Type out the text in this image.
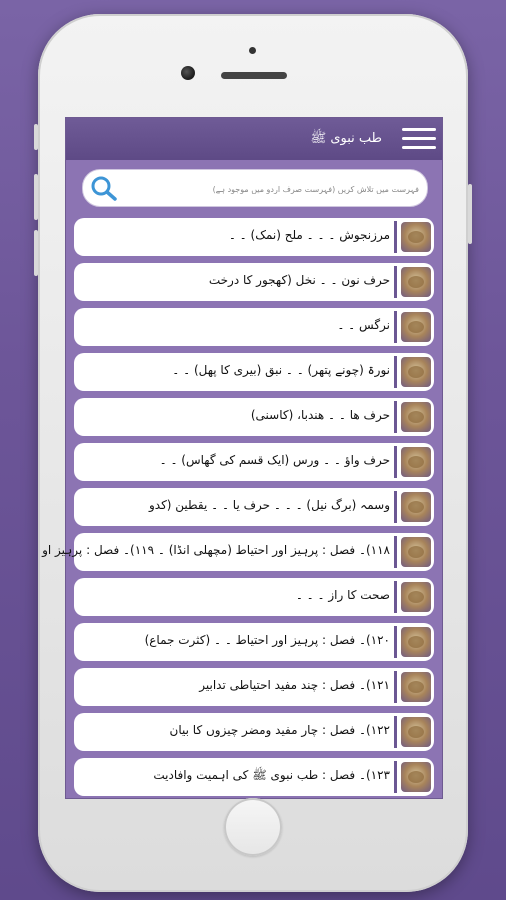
طب نبوی ﷺ
فہرست میں تلاش کریں (فہرست صرف اردو میں موجود ہے)
مرزنجوش ۔ ۔ ۔ ملح (نمک) ۔ ۔
حرف نون ۔ ۔ نخل (کھجور کا درخت
نرگس ۔ ۔
نورۃ (چونے پتھر) ۔ ۔ نبق (بیری کا پھل) ۔ ۔
حرف ھا ۔ ۔ ھندبا، (کاسنی)
حرف واؤ ۔ ۔ ورس (ایک قسم کی گھاس) ۔ ۔
وسمہ (برگ نیل) ۔ ۔ ۔ حرف یا ۔ ۔ یقطین (کدو
۱۱۸)۔ فصل : پرہیز اور احتیاط (مچھلی انڈا) ۔ ۱۱۹)۔ فصل : پرہیز او
صحت کا راز ۔ ۔ ۔
۱۲۰)۔ فصل : پرہیز اور احتیاط ۔ ۔ (کثرت جماع)
۱۲۱)۔ فصل : چند مفید احتیاطی تدابیر
۱۲۲)۔ فصل : چار مفید ومضر چیزوں کا بیان
۱۲۳)۔ فصل : طب نبوی ﷺ کی اہمیت وافادیت
